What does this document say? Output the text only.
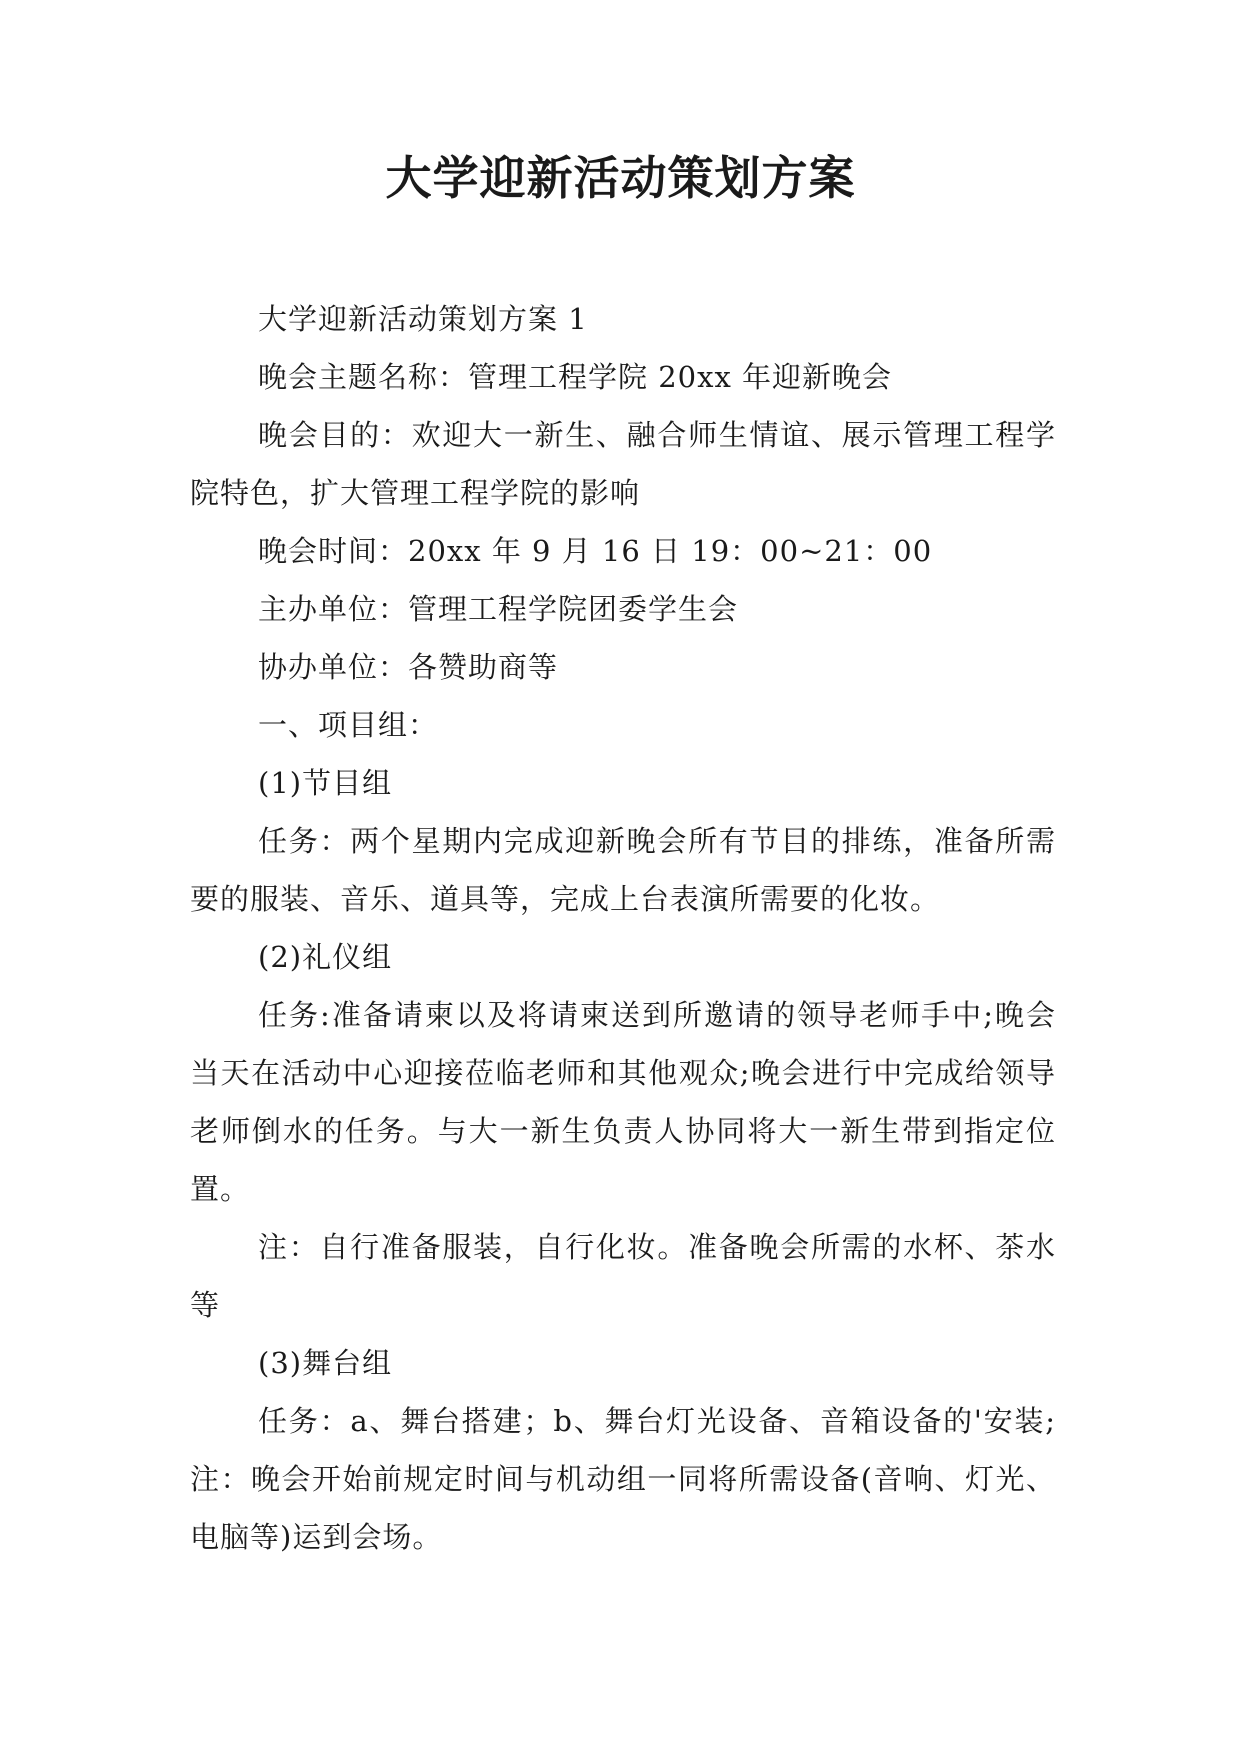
大学迎新活动策划方案

大学迎新活动策划方案 1

晚会主题名称：管理工程学院 20xx 年迎新晚会

晚会目的：欢迎大一新生、融合师生情谊、展示管理工程学院特色，扩大管理工程学院的影响

晚会时间：20xx 年 9 月 16 日 19：00~21：00

主办单位：管理工程学院团委学生会

协办单位：各赞助商等

一、项目组：

(1)节目组

任务：两个星期内完成迎新晚会所有节目的排练，准备所需要的服装、音乐、道具等，完成上台表演所需要的化妆。

(2)礼仪组

任务:准备请柬以及将请柬送到所邀请的领导老师手中;晚会当天在活动中心迎接莅临老师和其他观众;晚会进行中完成给领导老师倒水的任务。与大一新生负责人协同将大一新生带到指定位置。

注：自行准备服装，自行化妆。准备晚会所需的水杯、茶水等

(3)舞台组

任务：a、舞台搭建；b、舞台灯光设备、音箱设备的'安装;注：晚会开始前规定时间与机动组一同将所需设备(音响、灯光、电脑等)运到会场。
